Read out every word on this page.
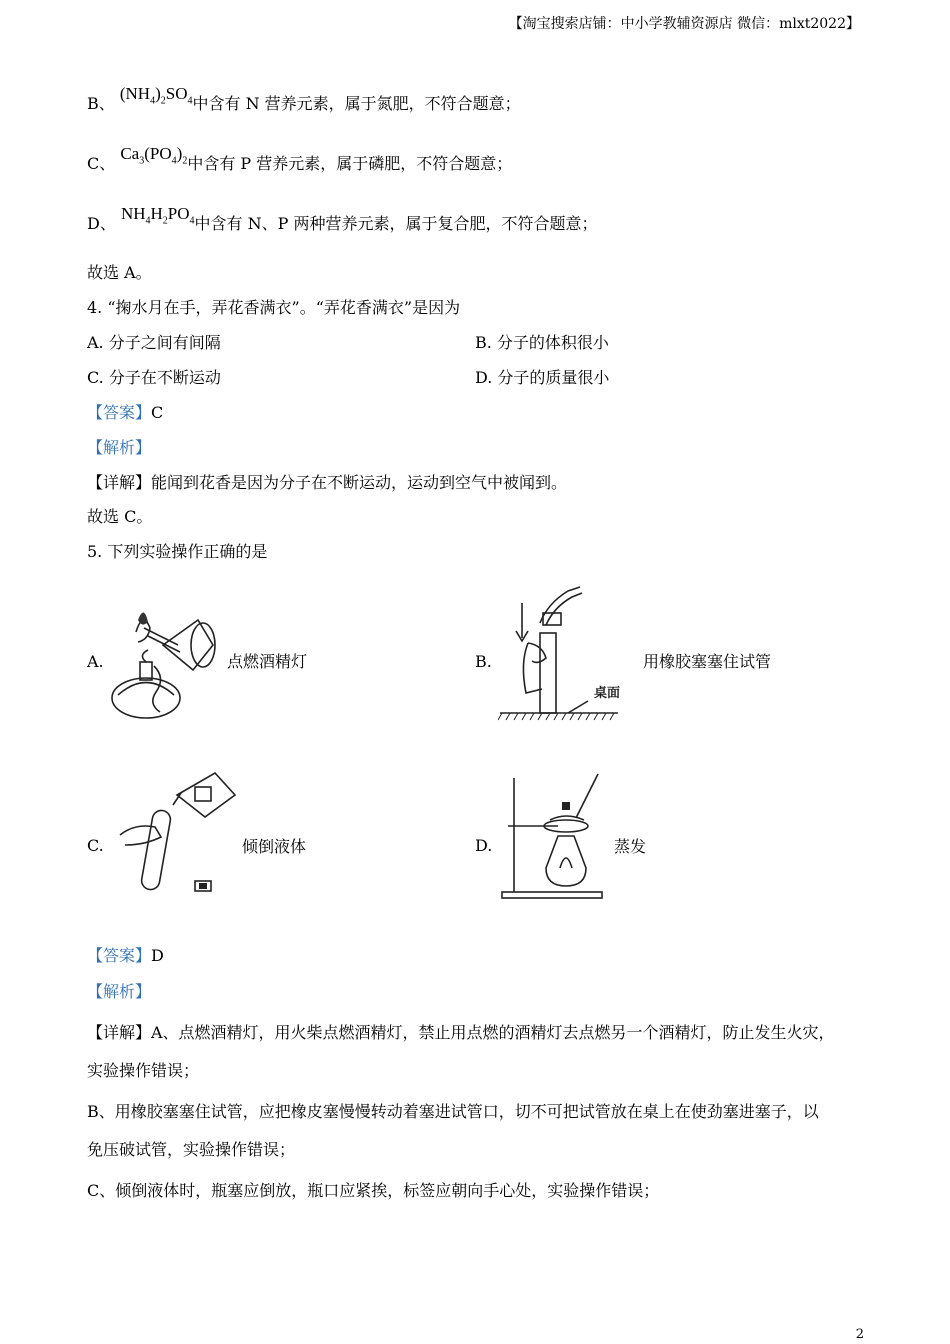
【淘宝搜索店铺：中小学教辅资源店 微信：mlxt2022】
B、 $(NH_4)_2SO_4$中含有 N 营养元素，属于氮肥，不符合题意；
C、 $Ca_3(PO_4)_2$中含有 P 营养元素，属于磷肥，不符合题意；
D、 $NH_4H_2PO_4$中含有 N、P 两种营养元素，属于复合肥，不符合题意；
故选 A。
4. “掬水月在手，弄花香满衣”。“弄花香满衣”是因为
A. 分子之间有间隔	B. 分子的体积很小
C. 分子在不断运动	D. 分子的质量很小
【答案】C
【解析】
【详解】能闻到花香是因为分子在不断运动，运动到空气中被闻到。
故选 C。
5. 下列实验操作正确的是
A.	点燃酒精灯	B.
桌面
用橡胶塞塞住试管
C.	倾倒液体	D.	蒸发
【答案】D
【解析】
【详解】A、点燃酒精灯，用火柴点燃酒精灯，禁止用点燃的酒精灯去点燃另一个酒精灯，防止发生火灾，
实验操作错误；
B、用橡胶塞塞住试管，应把橡皮塞慢慢转动着塞进试管口，切不可把试管放在桌上在使劲塞进塞子，以
免压破试管，实验操作错误；
C、倾倒液体时，瓶塞应倒放，瓶口应紧挨，标签应朝向手心处，实验操作错误；
2
